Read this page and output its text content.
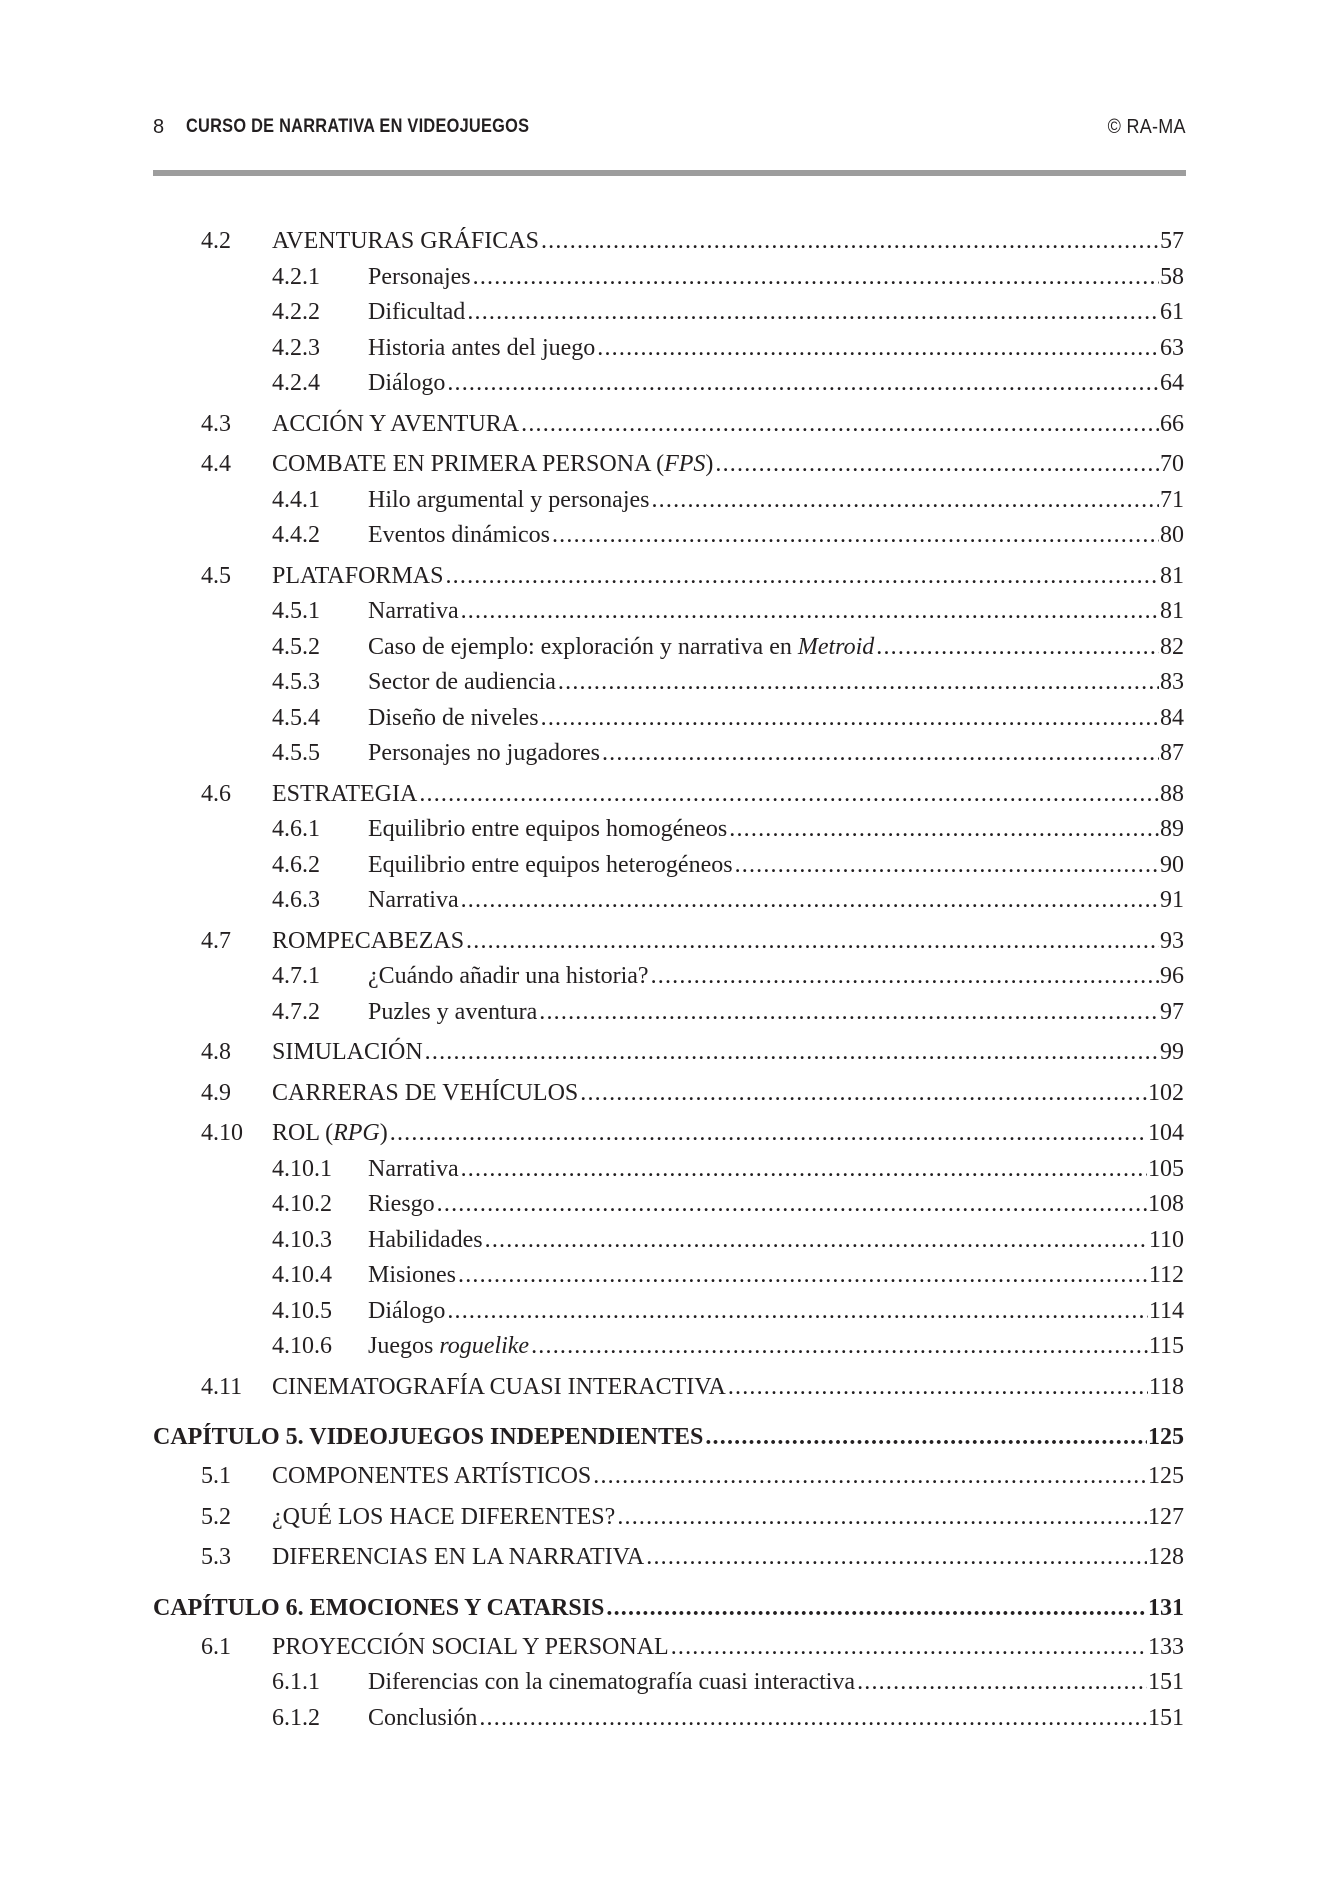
8 CURSO DE NARRATIVA EN VIDEOJUEGOS	© RA-MA
4.2 AVENTURAS GRÁFICAS .....	57
4.2.1 Personajes .....	58
4.2.2 Dificultad .....	61
4.2.3 Historia antes del juego .....	63
4.2.4 Diálogo .....	64
4.3 ACCIÓN Y AVENTURA .....	66
4.4 COMBATE EN PRIMERA PERSONA (FPS) .....	70
4.4.1 Hilo argumental y personajes .....	71
4.4.2 Eventos dinámicos .....	80
4.5 PLATAFORMAS .....	81
4.5.1 Narrativa .....	81
4.5.2 Caso de ejemplo: exploración y narrativa en Metroid .....	82
4.5.3 Sector de audiencia .....	83
4.5.4 Diseño de niveles .....	84
4.5.5 Personajes no jugadores .....	87
4.6 ESTRATEGIA .....	88
4.6.1 Equilibrio entre equipos homogéneos .....	89
4.6.2 Equilibrio entre equipos heterogéneos .....	90
4.6.3 Narrativa .....	91
4.7 ROMPECABEZAS .....	93
4.7.1 ¿Cuándo añadir una historia? .....	96
4.7.2 Puzles y aventura .....	97
4.8 SIMULACIÓN .....	99
4.9 CARRERAS DE VEHÍCULOS .....	102
4.10 ROL (RPG) .....	104
4.10.1 Narrativa .....	105
4.10.2 Riesgo .....	108
4.10.3 Habilidades .....	110
4.10.4 Misiones .....	112
4.10.5 Diálogo .....	114
4.10.6 Juegos roguelike .....	115
4.11 CINEMATOGRAFÍA CUASI INTERACTIVA .....	118
CAPÍTULO 5. VIDEOJUEGOS INDEPENDIENTES .....	125
5.1 COMPONENTES ARTÍSTICOS .....	125
5.2 ¿QUÉ LOS HACE DIFERENTES? .....	127
5.3 DIFERENCIAS EN LA NARRATIVA .....	128
CAPÍTULO 6. EMOCIONES Y CATARSIS .....	131
6.1 PROYECCIÓN SOCIAL Y PERSONAL .....	133
6.1.1 Diferencias con la cinematografía cuasi interactiva .....	151
6.1.2 Conclusión .....	151
